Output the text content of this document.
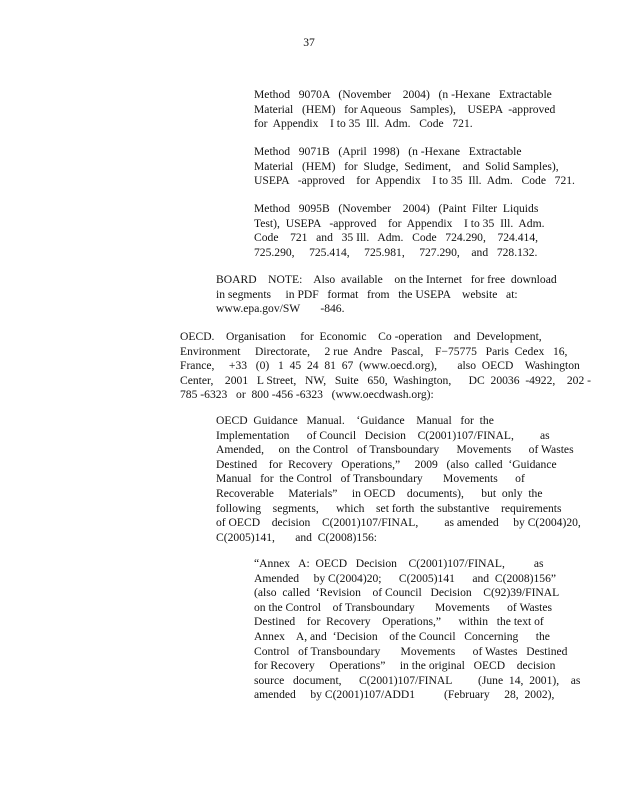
37
Method   9070A   (November    2004)   (n -Hexane   Extractable
Material   (HEM)   for Aqueous   Samples),    USEPA  -approved
for  Appendix    I to 35  Ill.  Adm.   Code   721.
Method   9071B   (April  1998)   (n -Hexane   Extractable
Material   (HEM)   for  Sludge,  Sediment,    and  Solid Samples),
USEPA   -approved    for  Appendix    I to 35  Ill.  Adm.   Code   721.
Method   9095B   (November    2004)   (Paint  Filter  Liquids
Test),  USEPA   -approved    for  Appendix    I to 35  Ill.  Adm.
Code    721   and   35 Ill.   Adm.   Code   724.290,    724.414,
725.290,     725.414,     725.981,     727.290,    and   728.132.
BOARD    NOTE:    Also  available    on the Internet   for free  download
in segments     in PDF   format   from   the USEPA    website   at:
www.epa.gov/SW       -846.
OECD.    Organisation     for  Economic    Co -operation    and  Development,
Environment     Directorate,     2 rue  Andre   Pascal,    F−75775   Paris  Cedex   16,
France,     +33   (0)   1  45  24  81  67  (www.oecd.org),       also  OECD    Washington
Center,    2001   L Street,   NW,   Suite   650,  Washington,      DC  20036  -4922,    202 -
785 -6323   or  800 -456 -6323   (www.oecdwash.org):
OECD  Guidance   Manual.    ‘Guidance    Manual   for  the
Implementation      of Council   Decision    C(2001)107/FINAL,         as
Amended,     on  the Control   of Transboundary      Movements      of Wastes
Destined    for  Recovery   Operations,”     2009   (also  called  ‘Guidance
Manual   for  the Control   of Transboundary       Movements      of
Recoverable     Materials”     in OECD    documents),      but  only  the
following    segments,      which    set forth  the substantive    requirements
of OECD    decision    C(2001)107/FINAL,         as amended     by C(2004)20,
C(2005)141,       and  C(2008)156:
“Annex   A:  OECD   Decision    C(2001)107/FINAL,          as
Amended     by C(2004)20;      C(2005)141      and  C(2008)156”
(also  called  ‘Revision    of Council   Decision    C(92)39/FINAL
on the Control    of Transboundary       Movements      of Wastes
Destined    for  Recovery    Operations,”      within   the text of
Annex    A, and  ‘Decision    of the Council   Concerning      the
Control   of Transboundary       Movements      of Wastes   Destined
for Recovery     Operations”     in the original   OECD    decision
source   document,      C(2001)107/FINAL         (June  14,  2001),    as
amended     by C(2001)107/ADD1          (February     28,  2002),
